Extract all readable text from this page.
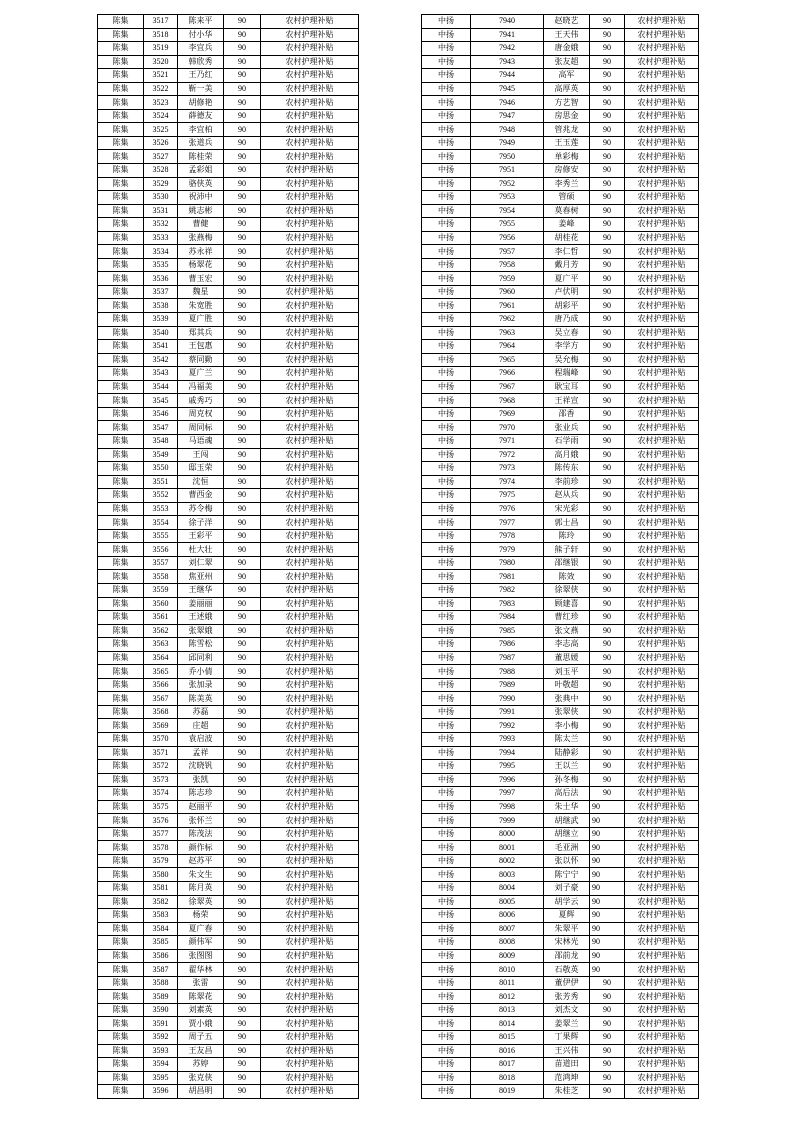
陈集	3517	陈来平	90	农村护理补贴
陈集	3518	付小华	90	农村护理补贴
陈集	3519	李宜兵	90	农村护理补贴
陈集	3520	韩欣秀	90	农村护理补贴
陈集	3521	王乃红	90	农村护理补贴
陈集	3522	靳一美	90	农村护理补贴
陈集	3523	胡修艳	90	农村护理补贴
陈集	3524	薛德友	90	农村护理补贴
陈集	3525	李宜柏	90	农村护理补贴
陈集	3526	张道兵	90	农村护理补贴
陈集	3527	陈桂荣	90	农村护理补贴
陈集	3528	孟彩姐	90	农村护理补贴
陈集	3529	骆侠英	90	农村护理补贴
陈集	3530	祝沛中	90	农村护理补贴
陈集	3531	姚志彬	90	农村护理补贴
陈集	3532	曹健	90	农村护理补贴
陈集	3533	张燕梅	90	农村护理补贴
陈集	3534	苏永祥	90	农村护理补贴
陈集	3535	杨翠花	90	农村护理补贴
陈集	3536	曹玉宏	90	农村护理补贴
陈集	3537	魏星	90	农村护理补贴
陈集	3538	朱宽胜	90	农村护理补贴
陈集	3539	夏广胜	90	农村护理补贴
陈集	3540	郑其兵	90	农村护理补贴
陈集	3541	王包惠	90	农村护理补贴
陈集	3542	蔡同勤	90	农村护理补贴
陈集	3543	夏广兰	90	农村护理补贴
陈集	3544	冯福美	90	农村护理补贴
陈集	3545	戚秀巧	90	农村护理补贴
陈集	3546	周克权	90	农村护理补贴
陈集	3547	周同标	90	农村护理补贴
陈集	3548	马语魂	90	农村护理补贴
陈集	3549	王闯	90	农村护理补贴
陈集	3550	邸玉荣	90	农村护理补贴
陈集	3551	沈恒	90	农村护理补贴
陈集	3552	曹西金	90	农村护理补贴
陈集	3553	苏令梅	90	农村护理补贴
陈集	3554	徐子洋	90	农村护理补贴
陈集	3555	王彩平	90	农村护理补贴
陈集	3556	杜大壮	90	农村护理补贴
陈集	3557	刘仁翠	90	农村护理补贴
陈集	3558	焦亚州	90	农村护理补贴
陈集	3559	王继华	90	农村护理补贴
陈集	3560	姜丽丽	90	农村护理补贴
陈集	3561	王述娥	90	农村护理补贴
陈集	3562	张翠娥	90	农村护理补贴
陈集	3563	陈雪松	90	农村护理补贴
陈集	3564	邱同利	90	农村护理补贴
陈集	3565	乔小倩	90	农村护理补贴
陈集	3566	张加录	90	农村护理补贴
陈集	3567	陈美英	90	农村护理补贴
陈集	3568	苏磊	90	农村护理补贴
陈集	3569	庄超	90	农村护理补贴
陈集	3570	袁启波	90	农村护理补贴
陈集	3571	孟祥	90	农村护理补贴
陈集	3572	沈晓钒	90	农村护理补贴
陈集	3573	张凯	90	农村护理补贴
陈集	3574	陈志珍	90	农村护理补贴
陈集	3575	赵丽平	90	农村护理补贴
陈集	3576	张怀兰	90	农村护理补贴
陈集	3577	陈茂法	90	农村护理补贴
陈集	3578	颜作标	90	农村护理补贴
陈集	3579	赵苏平	90	农村护理补贴
陈集	3580	朱文生	90	农村护理补贴
陈集	3581	陈月英	90	农村护理补贴
陈集	3582	徐翠英	90	农村护理补贴
陈集	3583	杨荣	90	农村护理补贴
陈集	3584	夏广春	90	农村护理补贴
陈集	3585	颜伟军	90	农村护理补贴
陈集	3586	张图图	90	农村护理补贴
陈集	3587	翟华林	90	农村护理补贴
陈集	3588	张雷	90	农村护理补贴
陈集	3589	陈翠花	90	农村护理补贴
陈集	3590	刘素英	90	农村护理补贴
陈集	3591	贾小娥	90	农村护理补贴
陈集	3592	周子五	90	农村护理补贴
陈集	3593	王友昌	90	农村护理补贴
陈集	3594	苏婷	90	农村护理补贴
陈集	3595	张克侠	90	农村护理补贴
陈集	3596	胡昌明	90	农村护理补贴
中扬	7940	赵晓艺	90	农村护理补贴
中扬	7941	王天伟	90	农村护理补贴
中扬	7942	唐金娥	90	农村护理补贴
中扬	7943	张友超	90	农村护理补贴
中扬	7944	高军	90	农村护理补贴
中扬	7945	高厚英	90	农村护理补贴
中扬	7946	方艺智	90	农村护理补贴
中扬	7947	房思金	90	农村护理补贴
中扬	7948	管兆龙	90	农村护理补贴
中扬	7949	王玉莲	90	农村护理补贴
中扬	7950	单彩梅	90	农村护理补贴
中扬	7951	房修安	90	农村护理补贴
中扬	7952	李秀兰	90	农村护理补贴
中扬	7953	管硕	90	农村护理补贴
中扬	7954	莫春树	90	农村护理补贴
中扬	7955	姜峰	90	农村护理补贴
中扬	7956	胡桂花	90	农村护理补贴
中扬	7957	李仁哲	90	农村护理补贴
中扬	7958	戴月芳	90	农村护理补贴
中扬	7959	夏广平	90	农村护理补贴
中扬	7960	卢伏明	90	农村护理补贴
中扬	7961	胡彩平	90	农村护理补贴
中扬	7962	唐乃成	90	农村护理补贴
中扬	7963	吴立春	90	农村护理补贴
中扬	7964	李学方	90	农村护理补贴
中扬	7965	吴允梅	90	农村护理补贴
中扬	7966	程瑞峰	90	农村护理补贴
中扬	7967	耿宝耳	90	农村护理补贴
中扬	7968	王祥宣	90	农村护理补贴
中扬	7969	邵香	90	农村护理补贴
中扬	7970	张业兵	90	农村护理补贴
中扬	7971	石学雨	90	农村护理补贴
中扬	7972	高月娥	90	农村护理补贴
中扬	7973	陈传东	90	农村护理补贴
中扬	7974	李前珍	90	农村护理补贴
中扬	7975	赵从兵	90	农村护理补贴
中扬	7976	宋光彩	90	农村护理补贴
中扬	7977	郭士昌	90	农村护理补贴
中扬	7978	陈玲	90	农村护理补贴
中扬	7979	熊子轩	90	农村护理补贴
中扬	7980	邵继银	90	农村护理补贴
中扬	7981	陈效	90	农村护理补贴
中扬	7982	徐翠侠	90	农村护理补贴
中扬	7983	顾建喜	90	农村护理补贴
中扬	7984	曹红珍	90	农村护理补贴
中扬	7985	张文燕	90	农村护理补贴
中扬	7986	李志高	90	农村护理补贴
中扬	7987	董思媛	90	农村护理补贴
中扬	7988	刘玉平	90	农村护理补贴
中扬	7989	叶敬超	90	农村护理补贴
中扬	7990	张典中	90	农村护理补贴
中扬	7991	张翠侠	90	农村护理补贴
中扬	7992	李小梅	90	农村护理补贴
中扬	7993	陈太兰	90	农村护理补贴
中扬	7994	陆静彩	90	农村护理补贴
中扬	7995	王以兰	90	农村护理补贴
中扬	7996	孙冬梅	90	农村护理补贴
中扬	7997	高后法	90	农村护理补贴
中扬	7998	朱士华	90	农村护理补贴
中扬	7999	胡继武	90	农村护理补贴
中扬	8000	胡继立	90	农村护理补贴
中扬	8001	毛亚洲	90	农村护理补贴
中扬	8002	张以怀	90	农村护理补贴
中扬	8003	陈宁宁	90	农村护理补贴
中扬	8004	刘子豪	90	农村护理补贴
中扬	8005	胡学云	90	农村护理补贴
中扬	8006	夏辉	90	农村护理补贴
中扬	8007	朱翠平	90	农村护理补贴
中扬	8008	宋林光	90	农村护理补贴
中扬	8009	邵前龙	90	农村护理补贴
中扬	8010	石敬英	90	农村护理补贴
中扬	8011	董伊伊	90	农村护理补贴
中扬	8012	张芳秀	90	农村护理补贴
中扬	8013	刘杰文	90	农村护理补贴
中扬	8014	姜翠兰	90	农村护理补贴
中扬	8015	丁果辉	90	农村护理补贴
中扬	8016	王兴伟	90	农村护理补贴
中扬	8017	苗道田	90	农村护理补贴
中扬	8018	范鸿坤	90	农村护理补贴
中扬	8019	朱桂芝	90	农村护理补贴
